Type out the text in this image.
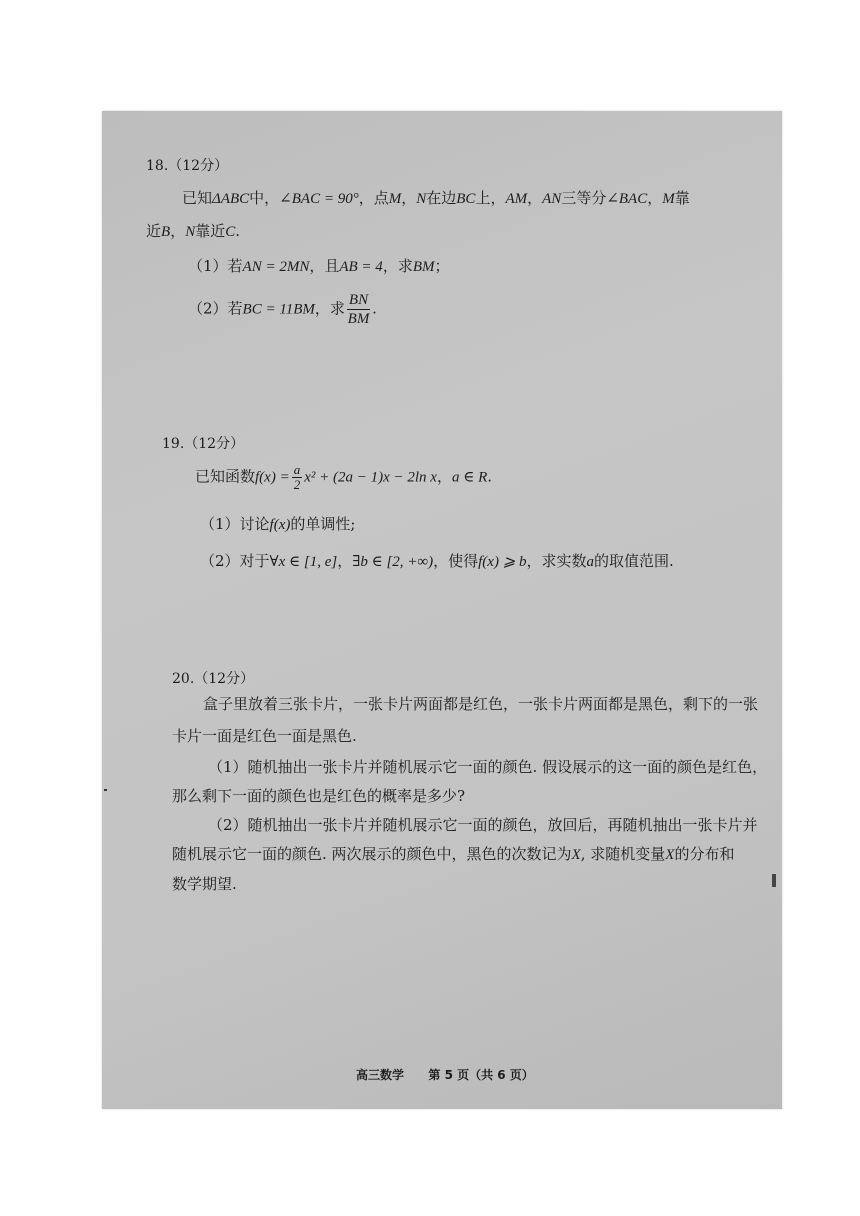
18.（12分）
已知ΔABC中，∠BAC = 90°，点M，N在边BC上，AM，AN三等分∠BAC，M靠
近B，N靠近C.
（1）若AN = 2MN，且AB = 4，求BM；
（2）若BC = 11BM，求 $\frac{BN}{BM}$ .
19.（12分）
已知函数$f(x) = \frac{a}{2} x^2 + (2a - 1)x - 2\ln$ x，a ∈ R.
（1）讨论f(x)的单调性;
（2）对于∀x ∈ [1, e]，∃b ∈ [2, +∞)，使得f(x) ⩾ b，求实数a的取值范围.
20.（12分）
盒子里放着三张卡片，一张卡片两面都是红色，一张卡片两面都是黑色，剩下的一张
卡片一面是红色一面是黑色.
（1）随机抽出一张卡片并随机展示它一面的颜色. 假设展示的这一面的颜色是红色，
那么剩下一面的颜色也是红色的概率是多少?
（2）随机抽出一张卡片并随机展示它一面的颜色，放回后，再随机抽出一张卡片并
随机展示它一面的颜色. 两次展示的颜色中，黑色的次数记为X, 求随机变量X的分布和
数学期望.
高三数学 第 5 页（共 6 页）
